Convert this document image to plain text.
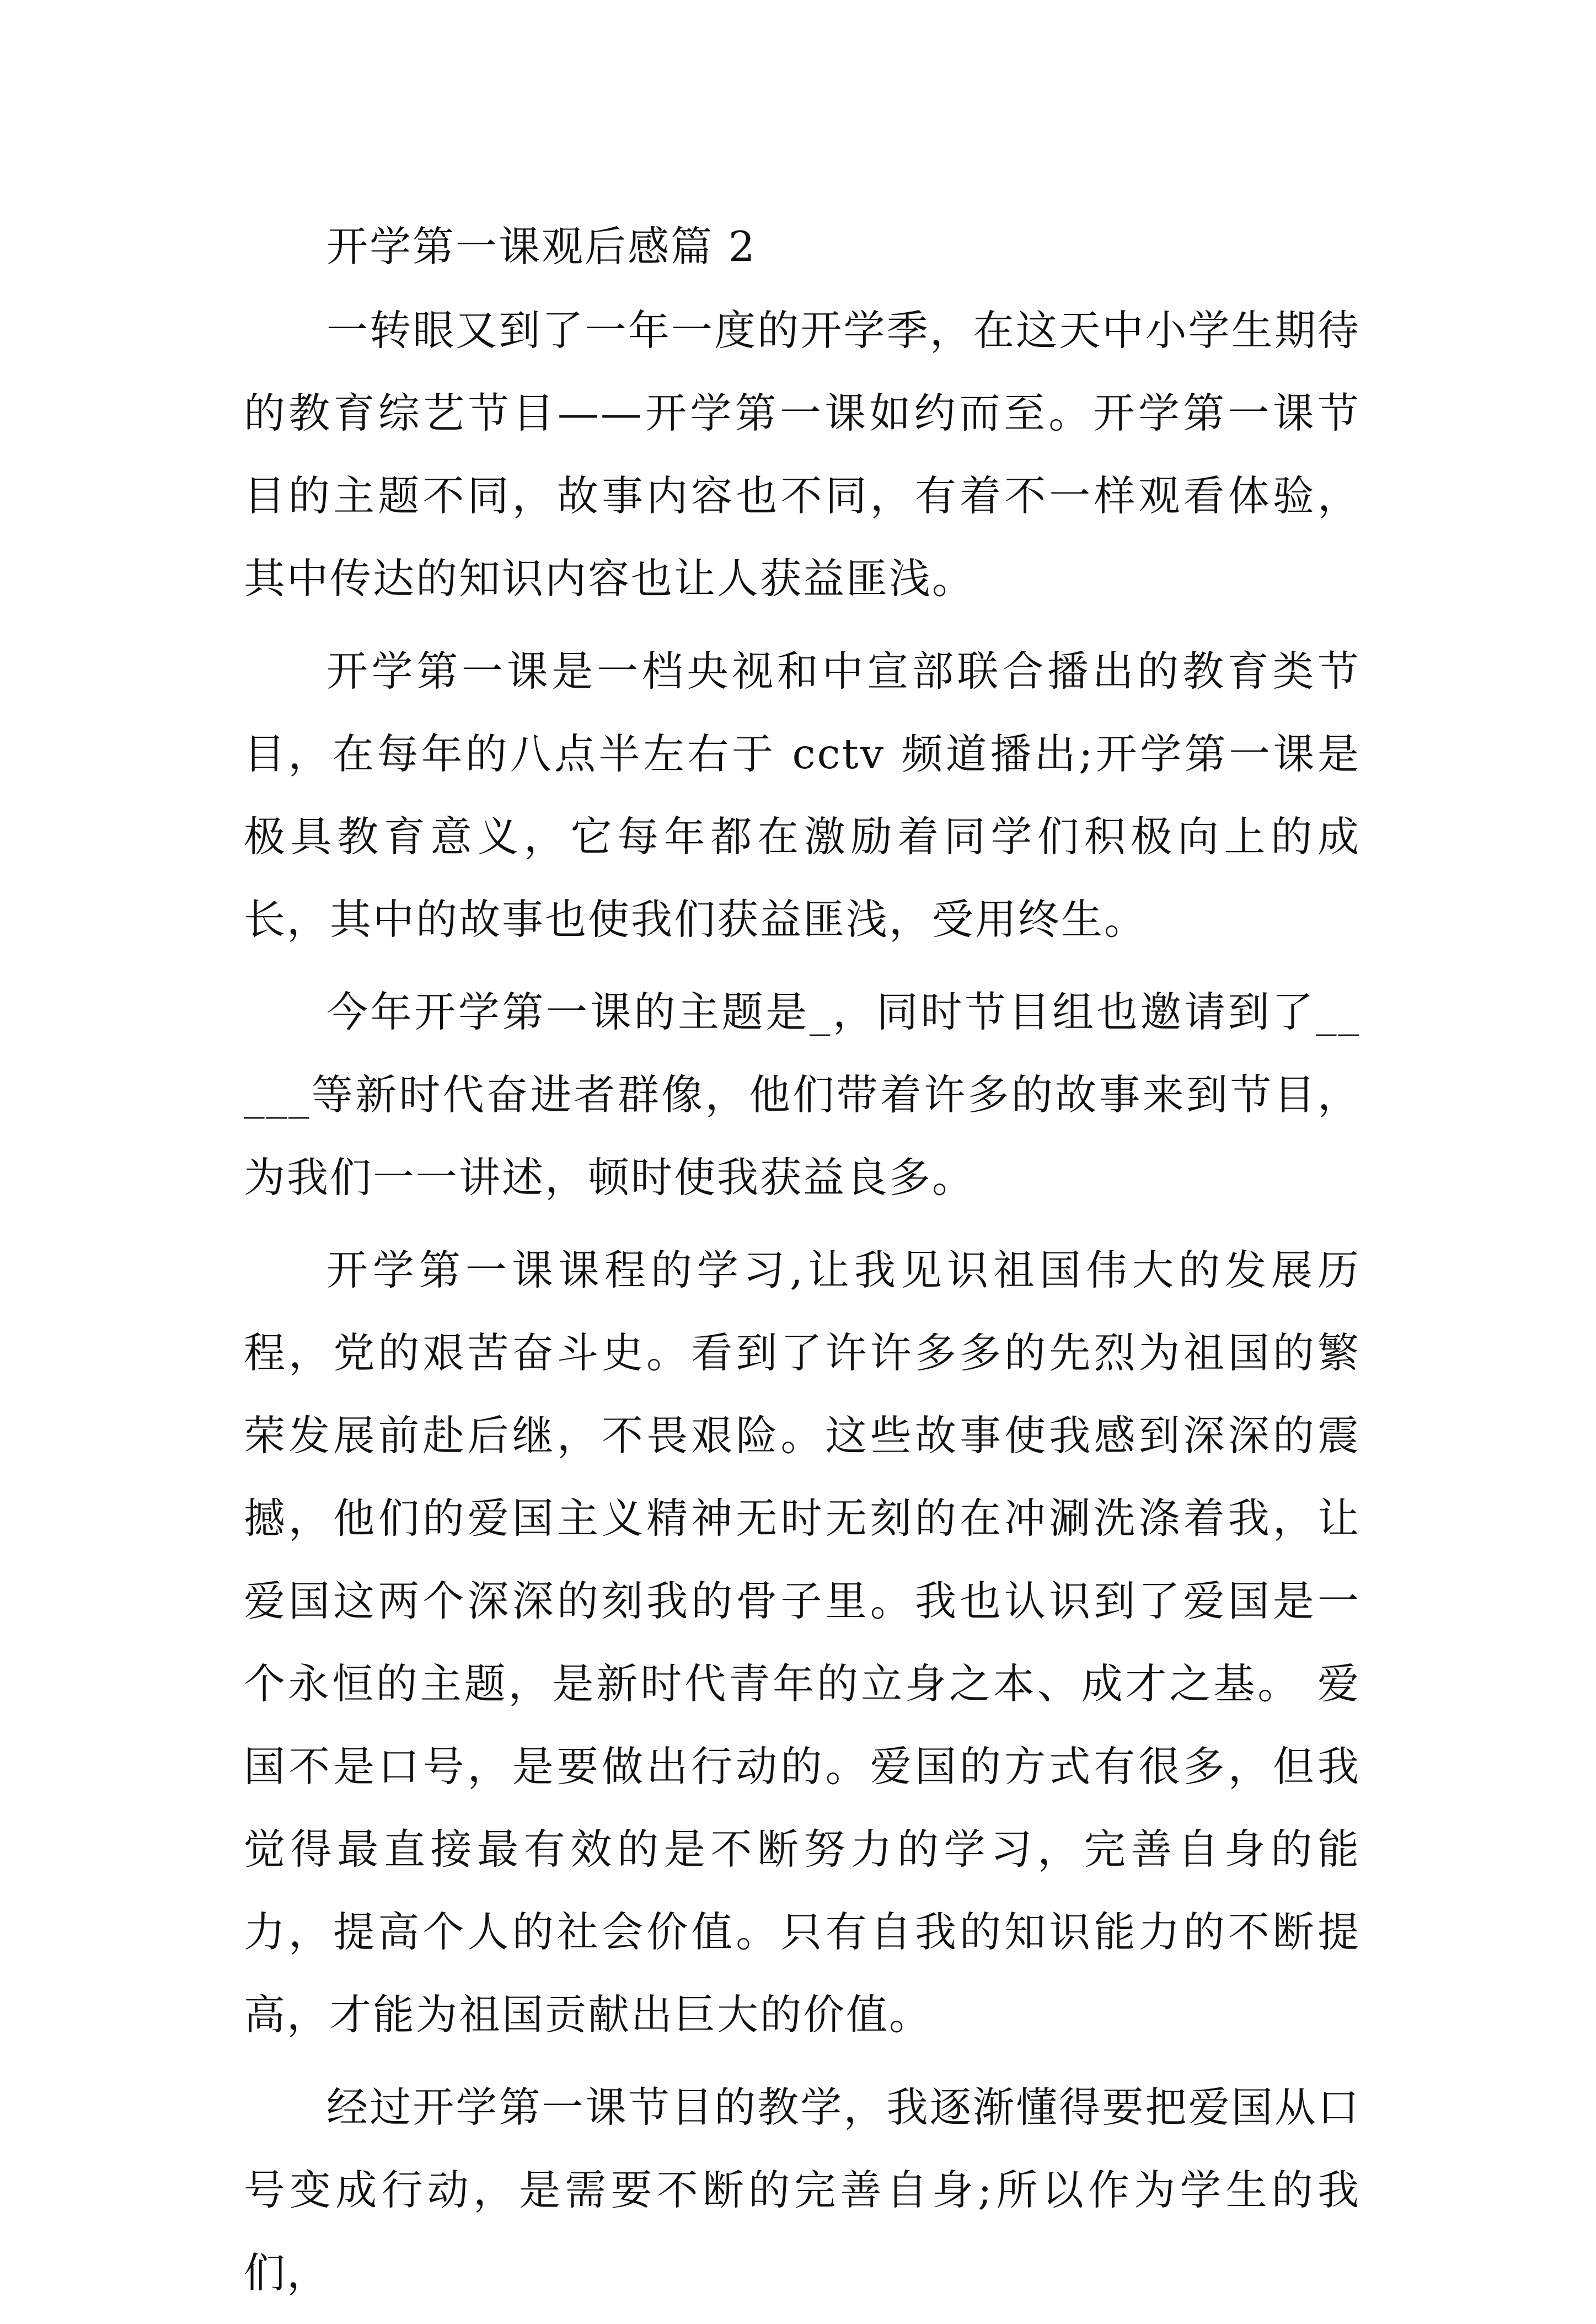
开学第一课观后感篇 2

一转眼又到了一年一度的开学季，在这天中小学生期待的教育综艺节目——开学第一课如约而至。开学第一课节目的主题不同，故事内容也不同，有着不一样观看体验，其中传达的知识内容也让人获益匪浅。

开学第一课是一档央视和中宣部联合播出的教育类节目，在每年的八点半左右于 cctv 频道播出;开学第一课是极具教育意义，它每年都在激励着同学们积极向上的成长，其中的故事也使我们获益匪浅，受用终生。

今年开学第一课的主题是_，同时节目组也邀请到了_____等新时代奋进者群像，他们带着许多的故事来到节目，为我们一一讲述，顿时使我获益良多。

开学第一课课程的学习,让我见识祖国伟大的发展历程，党的艰苦奋斗史。看到了许许多多的先烈为祖国的繁荣发展前赴后继，不畏艰险。这些故事使我感到深深的震撼，他们的爱国主义精神无时无刻的在冲涮洗涤着我，让爱国这两个深深的刻我的骨子里。我也认识到了爱国是一个永恒的主题，是新时代青年的立身之本、成才之基。 爱国不是口号，是要做出行动的。爱国的方式有很多，但我觉得最直接最有效的是不断努力的学习，完善自身的能力，提高个人的社会价值。只有自我的知识能力的不断提高，才能为祖国贡献出巨大的价值。

经过开学第一课节目的教学，我逐渐懂得要把爱国从口号变成行动，是需要不断的完善自身;所以作为学生的我们，
